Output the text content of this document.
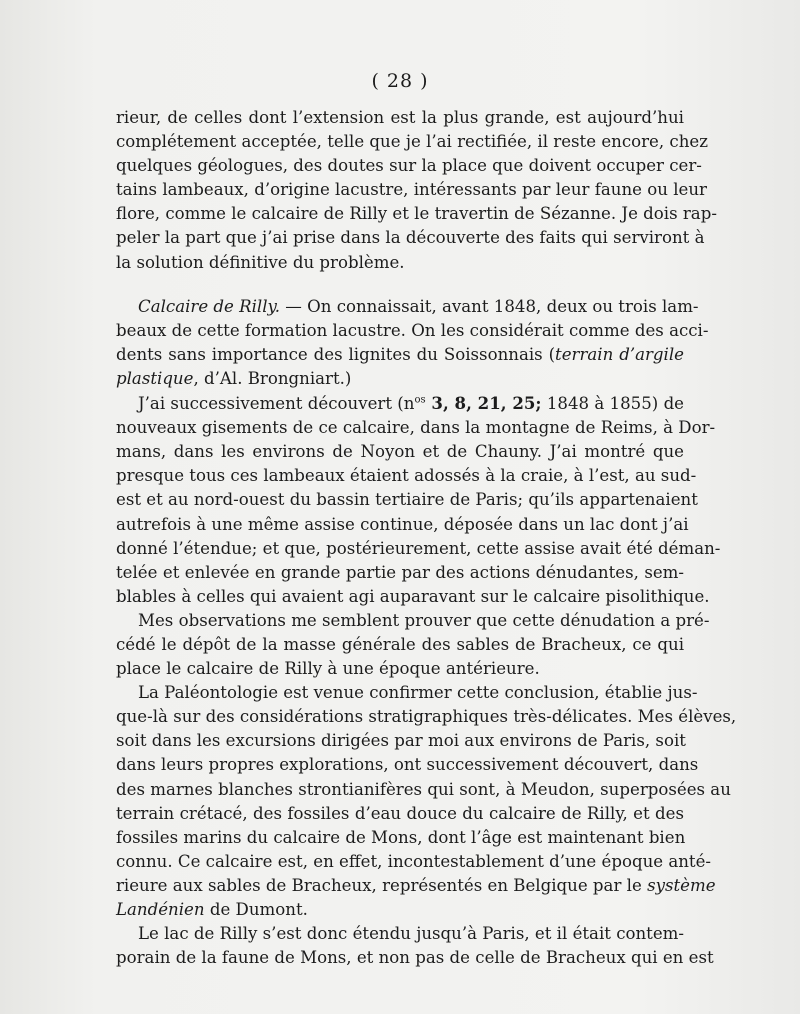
( 28 )
rieur, de celles dont l’extension est la plus grande, est aujourd’hui
complétement acceptée, telle que je l’ai rectifiée, il reste encore, chez
quelques géologues, des doutes sur la place que doivent occuper cer-
tains lambeaux, d’origine lacustre, intéressants par leur faune ou leur
flore, comme le calcaire de Rilly et le travertin de Sézanne. Je dois rap-
peler la part que j’ai prise dans la découverte des faits qui serviront à
la solution définitive du problème.
Calcaire de Rilly. — On connaissait, avant 1848, deux ou trois lam-
beaux de cette formation lacustre. On les considérait comme des acci-
dents sans importance des lignites du Soissonnais (terrain d’argile
plastique, d’Al. Brongniart.)
J’ai successivement découvert ($n^{os}$ 3, 8, 21, 25; 1848 à 1855) de
nouveaux gisements de ce calcaire, dans la montagne de Reims, à Dor-
mans, dans les environs de Noyon et de Chauny. J’ai montré que
presque tous ces lambeaux étaient adossés à la craie, à l’est, au sud-
est et au nord-ouest du bassin tertiaire de Paris; qu’ils appartenaient
autrefois à une même assise continue, déposée dans un lac dont j’ai
donné l’étendue; et que, postérieurement, cette assise avait été déman-
telée et enlevée en grande partie par des actions dénudantes, sem-
blables à celles qui avaient agi auparavant sur le calcaire pisolithique.
Mes observations me semblent prouver que cette dénudation a pré-
cédé le dépôt de la masse générale des sables de Bracheux, ce qui
place le calcaire de Rilly à une époque antérieure.
La Paléontologie est venue confirmer cette conclusion, établie jus-
que-là sur des considérations stratigraphiques très-délicates. Mes élèves,
soit dans les excursions dirigées par moi aux environs de Paris, soit
dans leurs propres explorations, ont successivement découvert, dans
des marnes blanches strontianifères qui sont, à Meudon, superposées au
terrain crétacé, des fossiles d’eau douce du calcaire de Rilly, et des
fossiles marins du calcaire de Mons, dont l’âge est maintenant bien
connu. Ce calcaire est, en effet, incontestablement d’une époque anté-
rieure aux sables de Bracheux, représentés en Belgique par le système
Landénien de Dumont.
Le lac de Rilly s’est donc étendu jusqu’à Paris, et il était contem-
porain de la faune de Mons, et non pas de celle de Bracheux qui en est
